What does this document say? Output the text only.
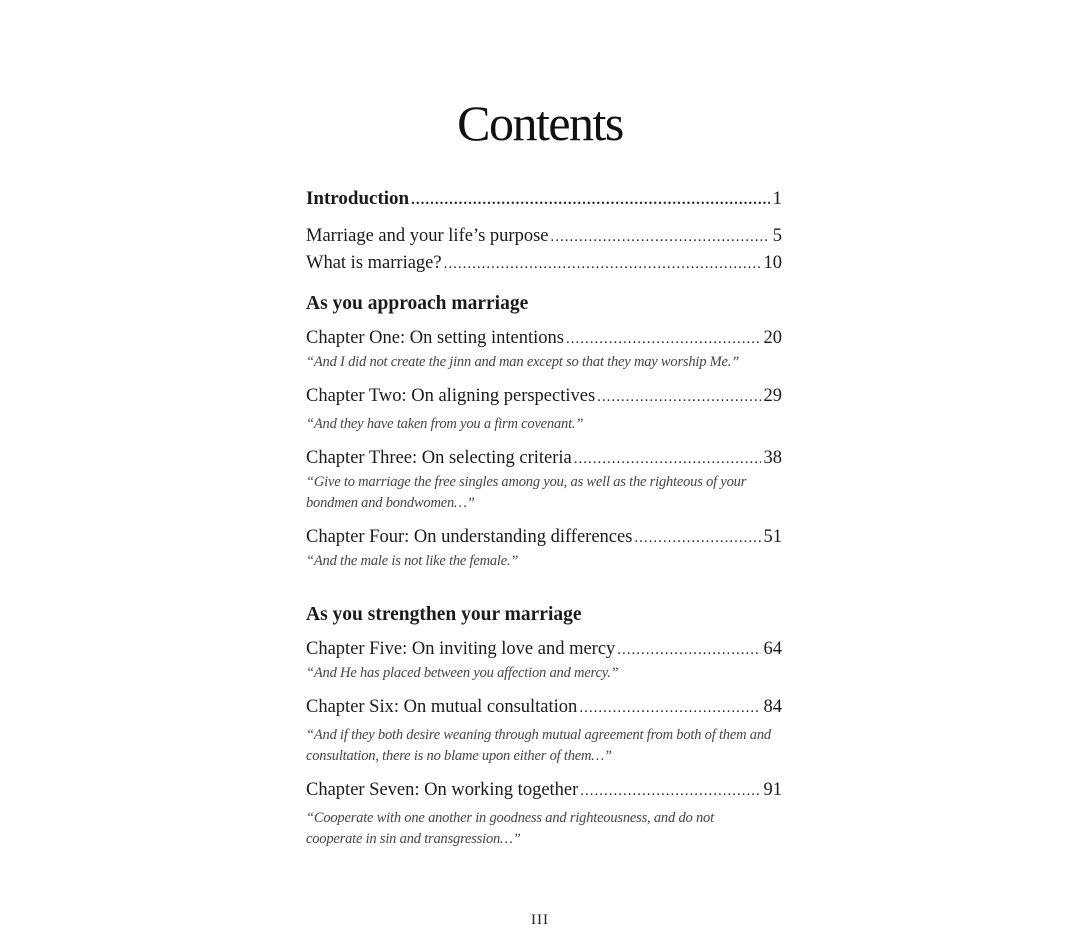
Contents
Introduction .....	1
Marriage and your life’s purpose .....	5
What is marriage? .....	10
As you approach marriage
Chapter One: On setting intentions .....	20
“And I did not create the jinn and man except so that they may worship Me.”
Chapter Two: On aligning perspectives .....	29
“And they have taken from you a firm covenant.”
Chapter Three: On selecting criteria .....	38
“Give to marriage the free singles among you, as well as the righteous of your bondmen and bondwomen…”
Chapter Four: On understanding differences .....	51
“And the male is not like the female.”
As you strengthen your marriage
Chapter Five: On inviting love and mercy .....	64
“And He has placed between you affection and mercy.”
Chapter Six: On mutual consultation .....	84
“And if they both desire weaning through mutual agreement from both of them and consultation, there is no blame upon either of them…”
Chapter Seven: On working together .....	91
“Cooperate with one another in goodness and righteousness, and do not cooperate in sin and transgression…”
III
